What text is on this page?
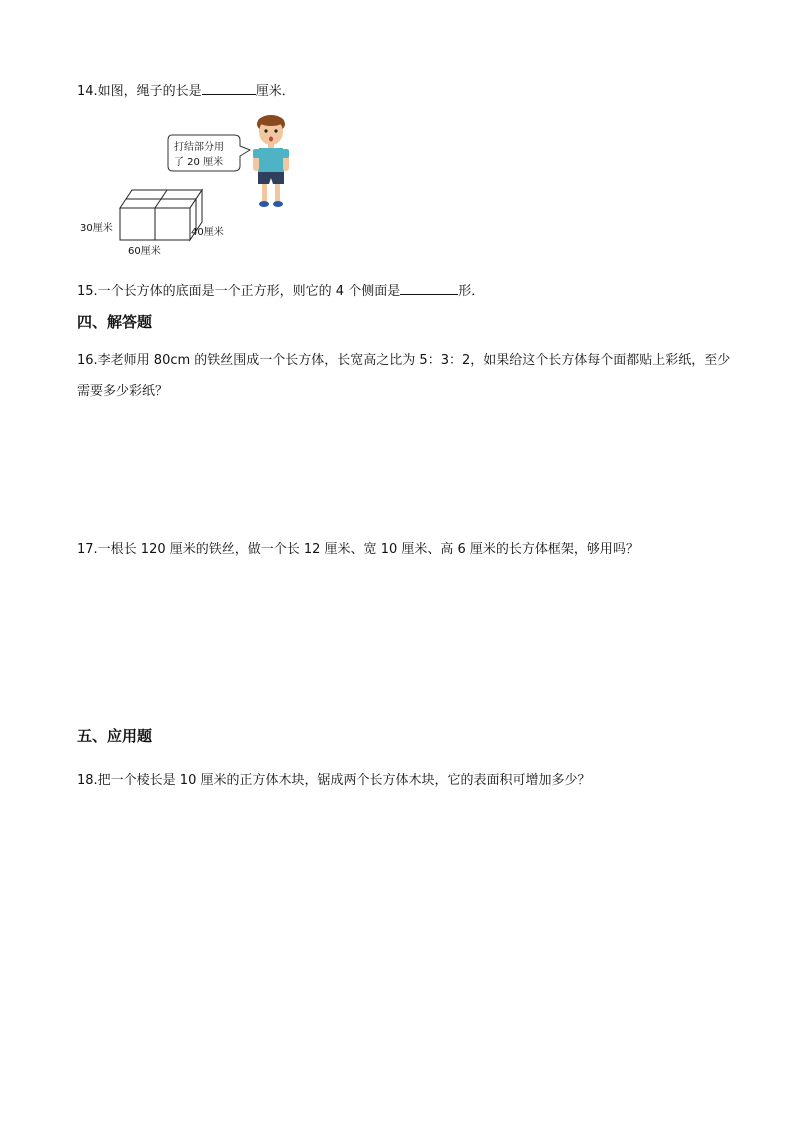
14.如图，绳子的长是	厘米．
30厘米
60厘米
40厘米
打结部分用
了 20 厘米
15.一个长方体的底面是一个正方形，则它的 4 个侧面是	形．
四、解答题
16.李老师用 80cm 的铁丝围成一个长方体，长宽高之比为 5：3：2，如果给这个长方体每个面都贴上彩纸，至少需要多少彩纸？
17.一根长 120 厘米的铁丝，做一个长 12 厘米、宽 10 厘米、高 6 厘米的长方体框架，够用吗？
五、应用题
18.把一个棱长是 10 厘米的正方体木块，锯成两个长方体木块，它的表面积可增加多少？
